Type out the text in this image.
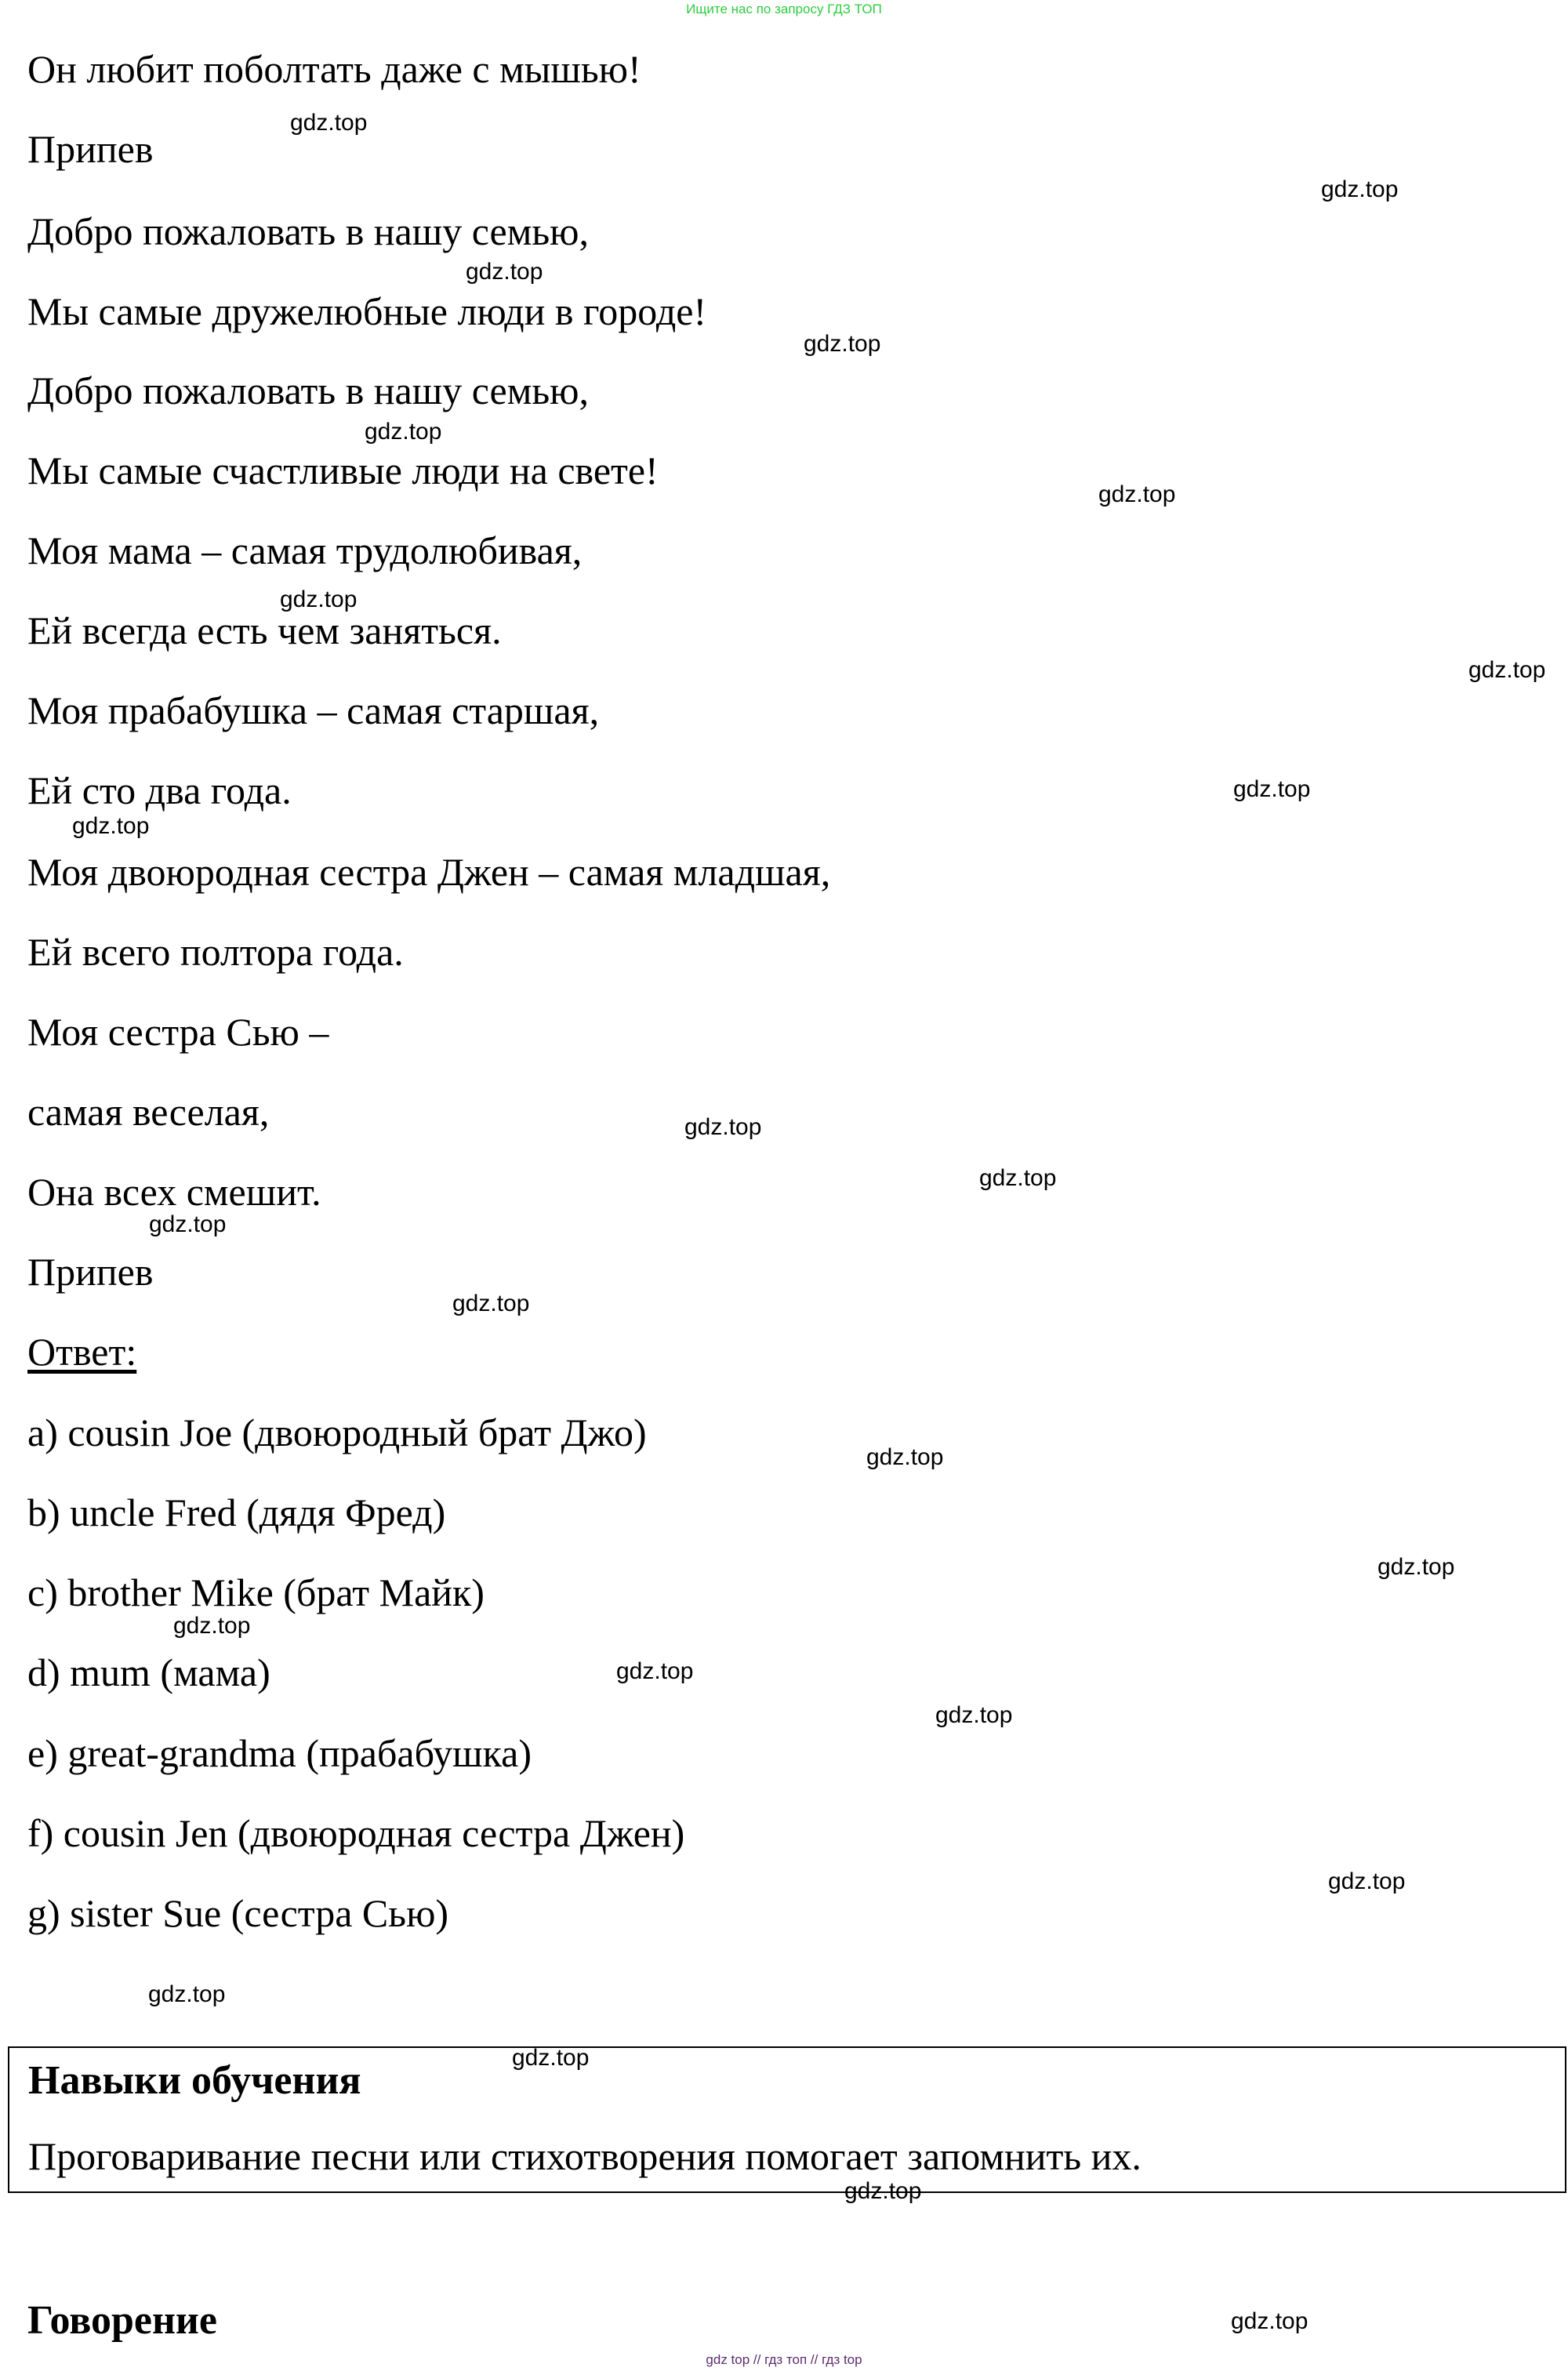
Ищите нас по запросу ГДЗ ТОП
Он любит поболтать даже с мышью!
Припев
Добро пожаловать в нашу семью,
Мы самые дружелюбные люди в городе!
Добро пожаловать в нашу семью,
Мы самые счастливые люди на свете!
Моя мама – самая трудолюбивая,
Ей всегда есть чем заняться.
Моя прабабушка – самая старшая,
Ей сто два года.
Моя двоюродная сестра Джен – самая младшая,
Ей всего полтора года.
Моя сестра Сью –
самая веселая,
Она всех смешит.
Припев
Ответ:
a) cousin Joe (двоюродный брат Джо)
b) uncle Fred (дядя Фред)
c) brother Mike (брат Майк)
d) mum (мама)
e) great-grandma (прабабушка)
f) cousin Jen (двоюродная сестра Джен)
g) sister Sue (сестра Сью)
Навыки обучения
Проговаривание песни или стихотворения помогает запомнить их.
Говорение
gdz.top
gdz.top
gdz.top
gdz.top
gdz.top
gdz.top
gdz.top
gdz.top
gdz.top
gdz.top
gdz.top
gdz.top
gdz.top
gdz.top
gdz.top
gdz.top
gdz.top
gdz.top
gdz.top
gdz.top
gdz.top
gdz.top
gdz.top
gdz.top
gdz top // гдз топ // гдз top
